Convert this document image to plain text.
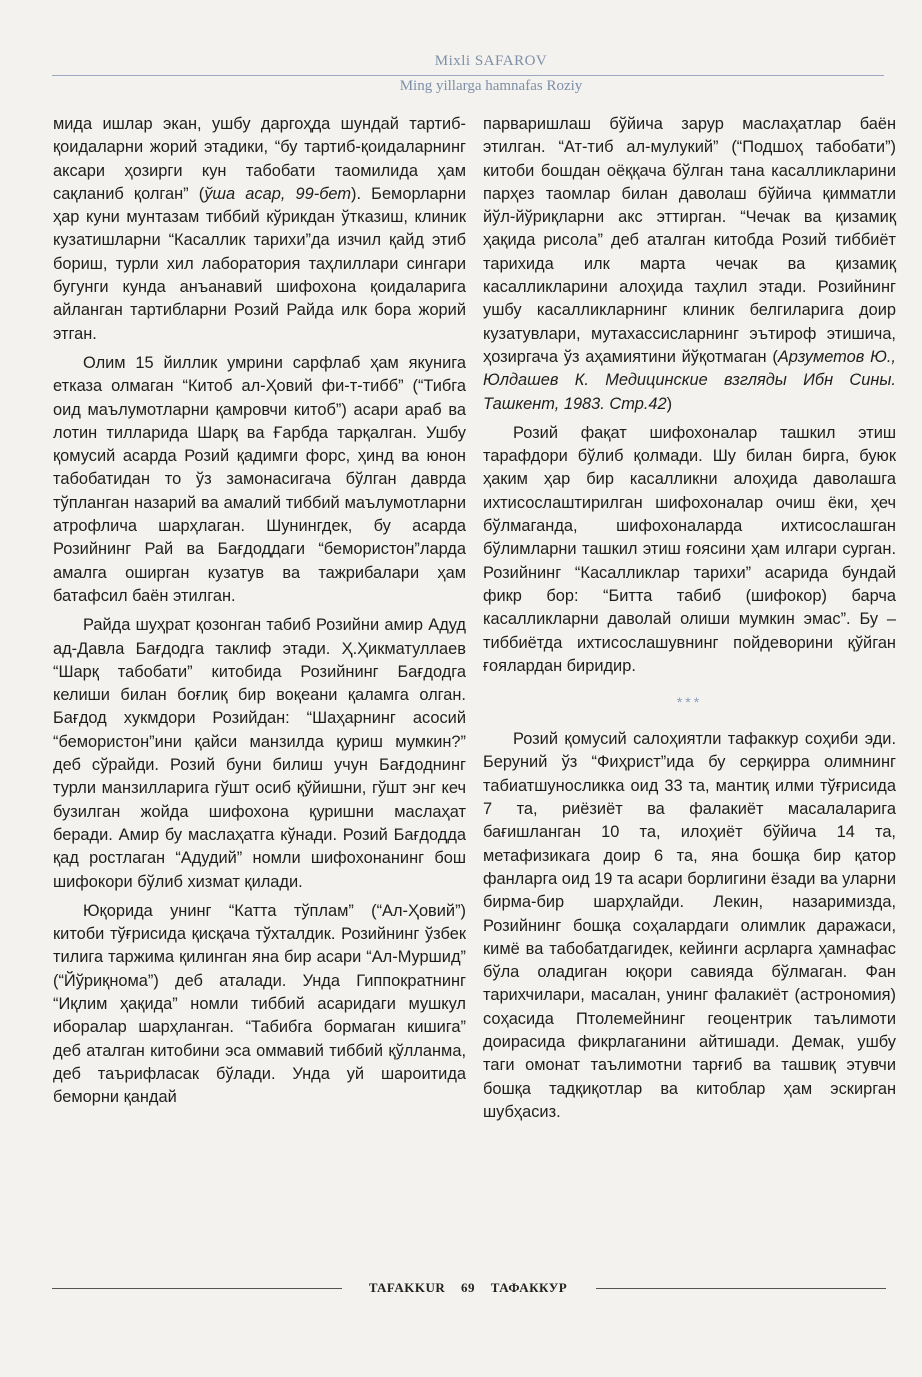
Mixli SAFAROV
Ming yillarga hamnafas Roziy

мида ишлар экан, ушбу даргоҳда шундай тартиб-қоидаларни жорий этадики, “бу тартиб-қоидаларнинг аксари ҳозирги кун табобати таомилида ҳам сақланиб қолган” (ўша асар, 99-бет). Беморларни ҳар куни мунтазам тиббий кўрикдан ўтказиш, клиник кузатишларни “Касаллик тарихи”да изчил қайд этиб бориш, турли хил лаборатория таҳлиллари сингари бугунги кунда анъанавий шифохона қоидаларига айланган тартибларни Розий Райда илк бора жорий этган.

Олим 15 йиллик умрини сарфлаб ҳам якунига етказа олмаган “Китоб ал-Ҳовий фи-т-тибб” (“Тибга оид маълумотларни қамровчи китоб”) асари араб ва лотин тилларида Шарқ ва Ғарбда тарқалган. Ушбу қомусий асарда Розий қадимги форс, ҳинд ва юнон табобатидан то ўз замонасигача бўлган даврда тўпланган назарий ва амалий тиббий маълумотларни атрофлича шарҳлаган. Шунингдек, бу асарда Розийнинг Рай ва Бағдоддаги “бемористон”ларда амалга оширган кузатув ва тажрибалари ҳам батафсил баён этилган.

Райда шуҳрат қозонган табиб Розийни амир Адуд ад-Давла Бағдодга таклиф этади. Ҳ.Ҳикматуллаев “Шарқ табобати” китобида Розийнинг Бағдодга келиши билан боғлиқ бир воқеани қаламга олган. Бағдод хукмдори Розийдан: “Шаҳарнинг асосий “бемористон”ини қайси манзилда қуриш мумкин?” деб сўрайди. Розий буни билиш учун Бағдоднинг турли манзилларига гўшт осиб қўйишни, гўшт энг кеч бузилган жойда шифохона қуришни маслаҳат беради. Амир бу маслаҳатга кўнади. Розий Бағдодда қад ростлаган “Адудий” номли шифохонанинг бош шифокори бўлиб хизмат қилади.

Юқорида унинг “Катта тўплам” (“Ал-Ҳовий”) китоби тўғрисида қисқача тўхталдик. Розийнинг ўзбек тилига таржима қилинган яна бир асари “Ал-Муршид” (“Йўриқнома”) деб аталади. Унда Гиппократнинг “Иқлим ҳақида” номли тиббий асаридаги мушкул иборалар шарҳланган. “Табибга бормаган кишига” деб аталган китобини эса оммавий тиббий қўлланма, деб таърифласак бўлади. Унда уй шароитида беморни қандай

парваришлаш бўйича зарур маслаҳатлар баён этилган. “Ат-тиб ал-мулукий” (“Подшоҳ табобати”) китоби бошдан оёққача бўлган тана касалликларини парҳез таомлар билан даволаш бўйича қимматли йўл-йўриқларни акс эттирган. “Чечак ва қизамиқ ҳақида рисола” деб аталган китобда Розий тиббиёт тарихида илк марта чечак ва қизамиқ касалликларини алоҳида таҳлил этади. Розийнинг ушбу касалликларнинг клиник белгиларига доир кузатувлари, мутахассисларнинг эътироф этишича, ҳозиргача ўз аҳамиятини йўқотмаган (Арзуметов Ю., Юлдашев К. Медицинские взгляды Ибн Сины. Ташкент, 1983. Стр.42)

Розий фақат шифохоналар ташкил этиш тарафдори бўлиб қолмади. Шу билан бирга, буюк ҳаким ҳар бир касалликни алоҳида даволашга ихтисослаштирилган шифохоналар очиш ёки, ҳеч бўлмаганда, шифохоналарда ихтисослашган бўлимларни ташкил этиш ғоясини ҳам илгари сурган. Розийнинг “Касалликлар тарихи” асарида бундай фикр бор: “Битта табиб (шифокор) барча касалликларни даволай олиши мумкин эмас”. Бу – тиббиётда ихтисослашувнинг пойдеворини қўйган ғоялардан биридир.

***

Розий қомусий салоҳиятли тафаккур соҳиби эди. Беруний ўз “Фиҳрист”ида бу серқирра олимнинг табиатшуносликка оид 33 та, мантиқ илми тўғрисида 7 та, риёзиёт ва фалакиёт масалаларига бағишланган 10 та, илоҳиёт бўйича 14 та, метафизикага доир 6 та, яна бошқа бир қатор фанларга оид 19 та асари борлигини ёзади ва уларни бирма-бир шарҳлайди. Лекин, назаримизда, Розийнинг бошқа соҳалардаги олимлик даражаси, кимё ва табобатдагидек, кейинги асрларга ҳамнафас бўла оладиган юқори савияда бўлмаган. Фан тарихчилари, масалан, унинг фалакиёт (астрономия) соҳасида Птолемейнинг геоцентрик таълимоти доирасида фикрлаганини айтишади. Демак, ушбу таги омонат таълимотни тарғиб ва ташвиқ этувчи бошқа тадқиқотлар ва китоблар ҳам эскирган шубҳасиз.

TAFAKKUR 69 ТАФАККУР
